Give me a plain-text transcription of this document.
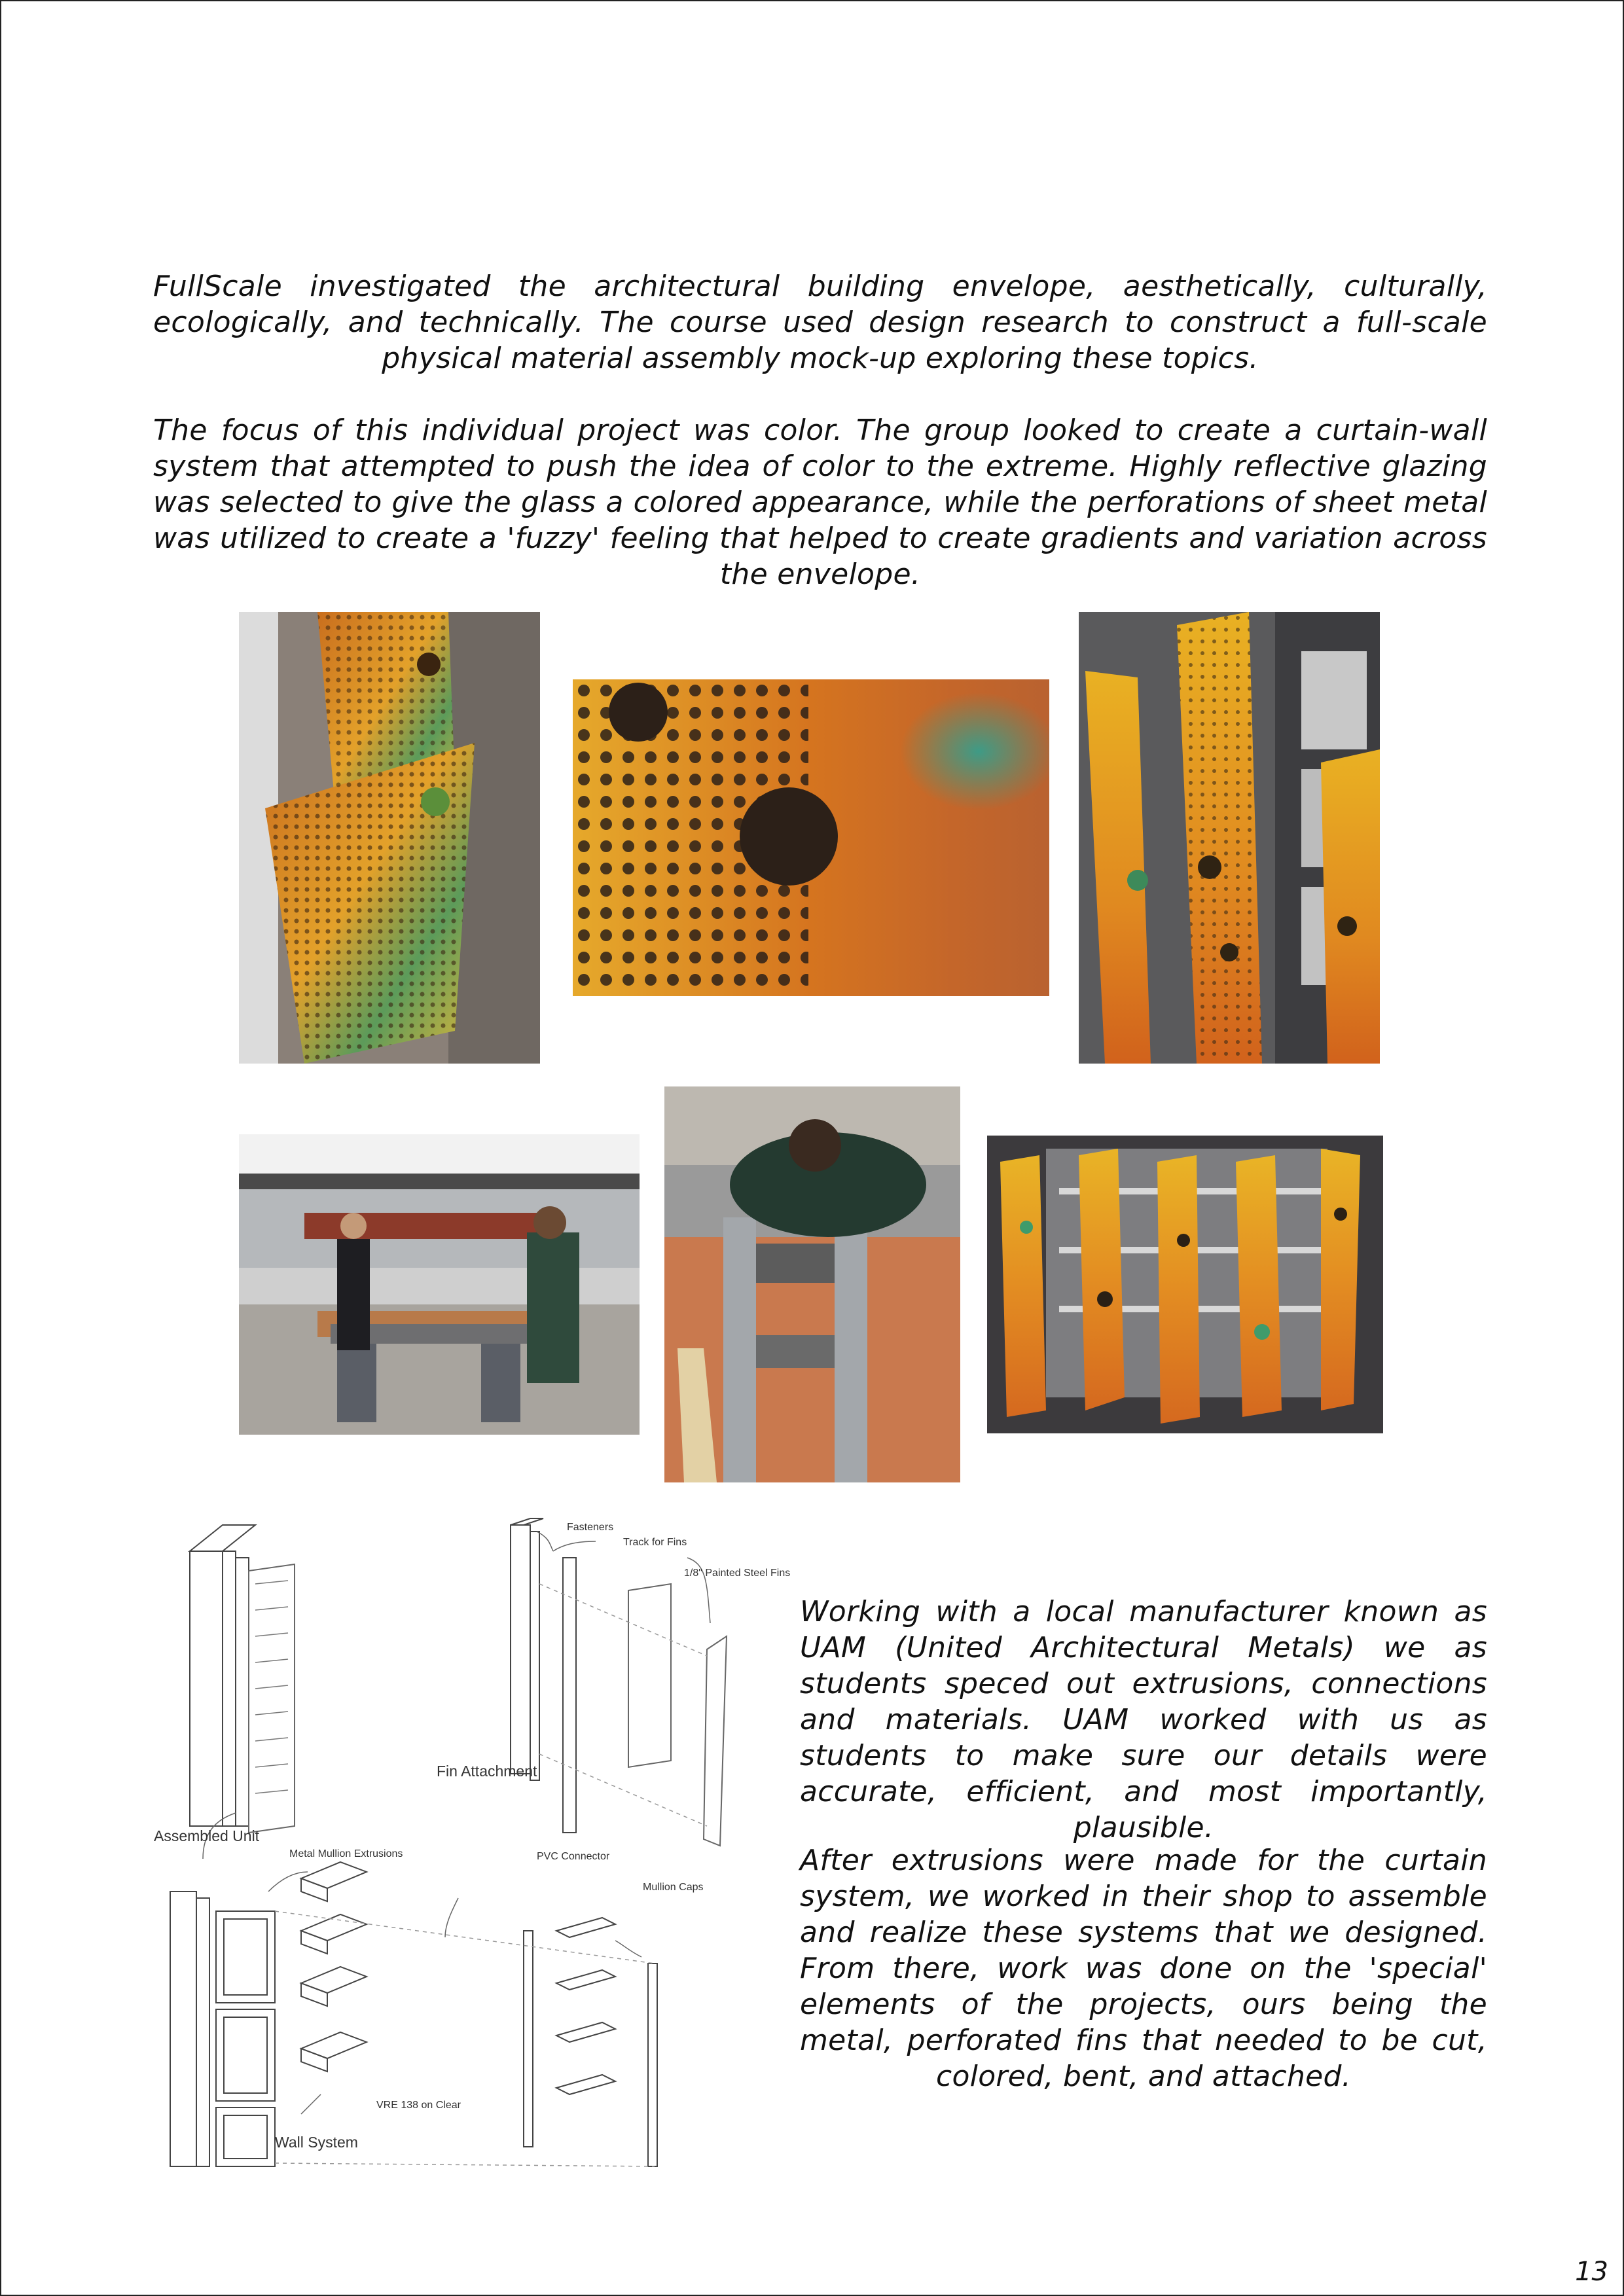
FullScale investigated the architectural building envelope, aesthetically, culturally, ecologically, and technically. The course used design research to construct a full-scale physical material assembly mock-up exploring these topics.

The focus of this individual project was color. The group looked to create a curtain-wall system that attempted to push the idea of color to the extreme. Highly reflective glazing was selected to give the glass a colored appearance, while the perforations of sheet metal was utilized to create a 'fuzzy' feeling that helped to create gradients and variation across the envelope.

Fasteners
Track for Fins
1/8" Painted Steel Fins
Fin Attachment
Assembled Unit
Metal Mullion Extrusions	PVC Connector
Mullion Caps
VRE 138 on Clear
Wall System

Working with a local manufacturer known as UAM (United Architectural Metals) we as students speced out extrusions, connections and materials. UAM worked with us as students to make sure our details were accurate, efficient, and most importantly, plausible.

After extrusions were made for the curtain system, we worked in their shop to assemble and realize these systems that we designed. From there, work was done on the 'special' elements of the projects, ours being the metal, perforated fins that needed to be cut, colored, bent, and attached.

13
